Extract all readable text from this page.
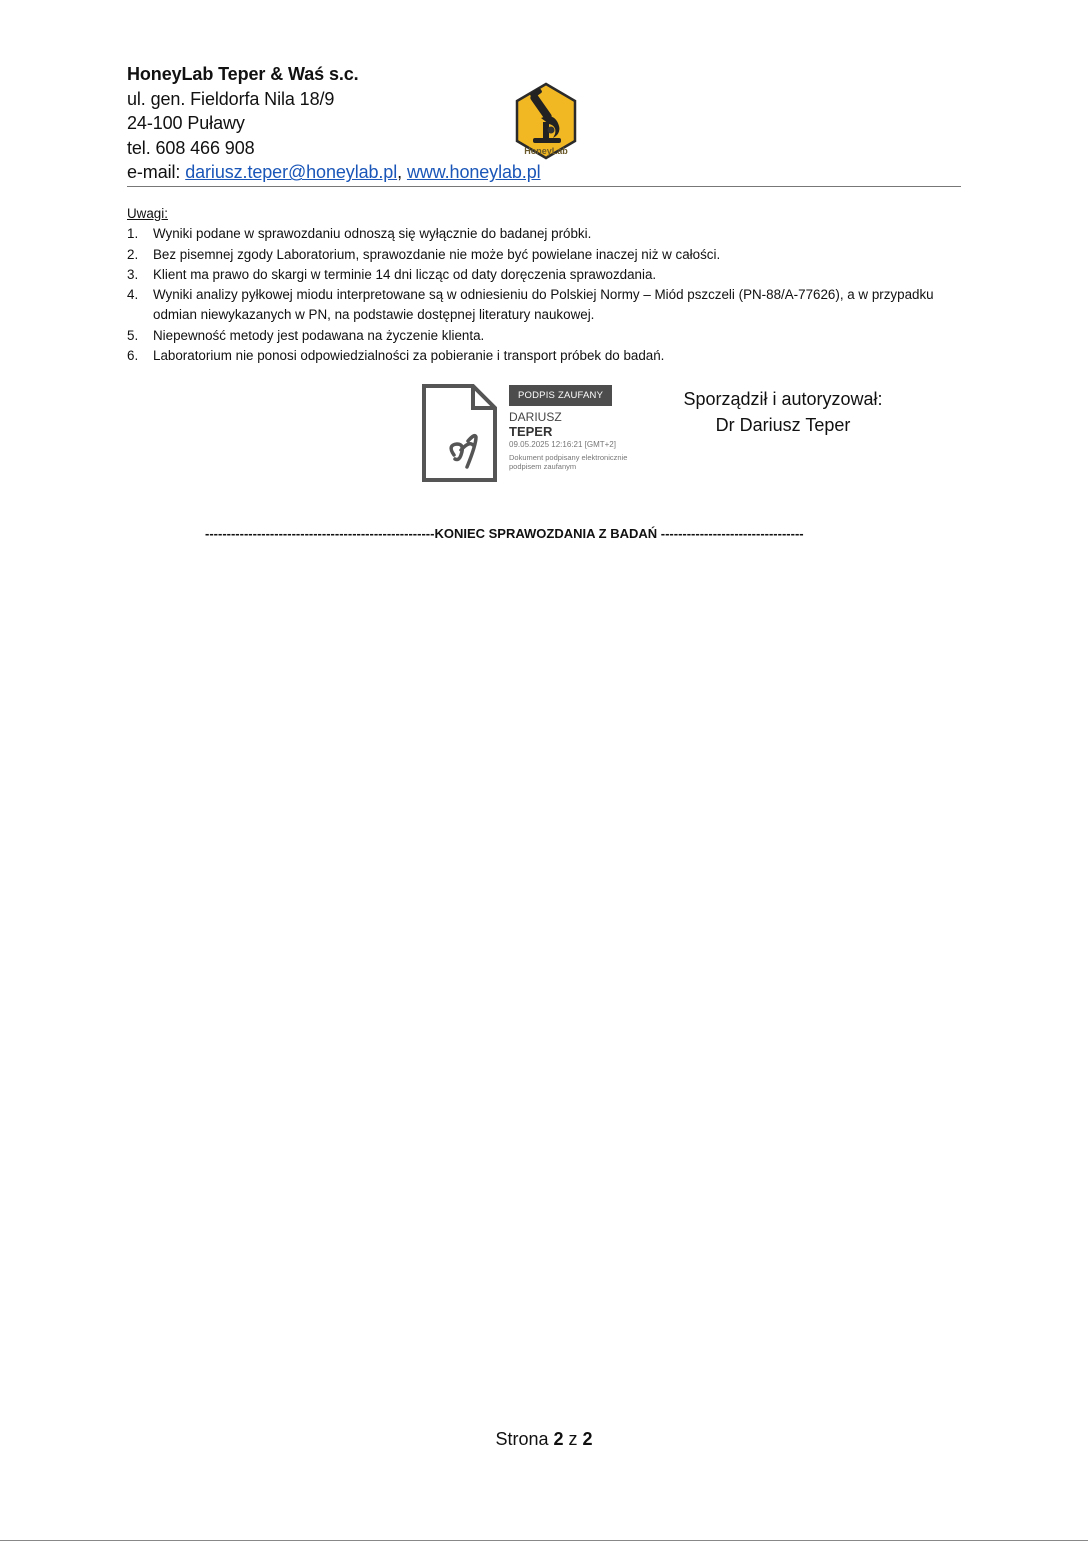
HoneyLab Teper & Waś s.c.
ul. gen. Fieldorfa Nila 18/9
24-100 Puławy
tel. 608 466 908
e-mail: dariusz.teper@honeylab.pl, www.honeylab.pl
HoneyLab

Uwagi:

1. Wyniki podane w sprawozdaniu odnoszą się wyłącznie do badanej próbki.
2. Bez pisemnej zgody Laboratorium, sprawozdanie nie może być powielane inaczej niż w całości.
3. Klient ma prawo do skargi w terminie 14 dni licząc od daty doręczenia sprawozdania.
4. Wyniki analizy pyłkowej miodu interpretowane są w odniesieniu do Polskiej Normy – Miód pszczeli (PN-88/A-77626), a w przypadku odmian niewykazanych w PN, na podstawie dostępnej literatury naukowej.
5. Niepewność metody jest podawana na życzenie klienta.
6. Laboratorium nie ponosi odpowiedzialności za pobieranie i transport próbek do badań.
PODPIS ZAUFANY
DARIUSZ
TEPER
09.05.2025 12:16:21 [GMT+2]
Dokument podpisany elektronicznie podpisem zaufanym
Sporządził i autoryzował:
Dr Dariusz Teper
-----------------------------------------------------KONIEC SPRAWOZDANIA Z BADAŃ ---------------------------------
Strona 2 z 2
